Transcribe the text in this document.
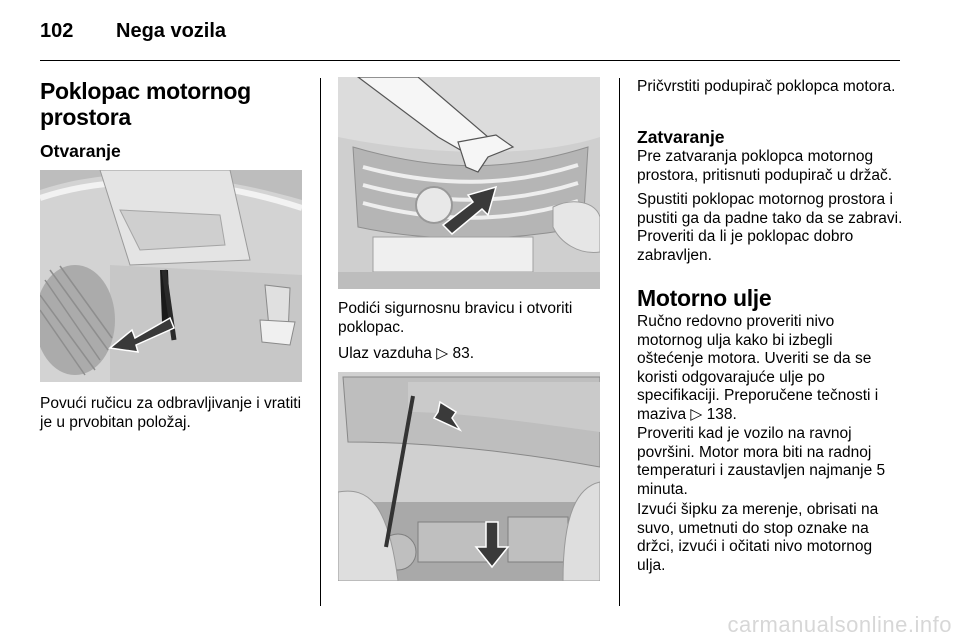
102 Nega vozila
Poklopac motornog prostora
Otvaranje

Povući ručicu za odbravljivanje i vratiti je u prvobitan položaj.

Podići sigurnosnu bravicu i otvoriti poklopac.

Ulaz vazduha ▷ 83.

Pričvrstiti podupirač poklopca motora.

Zatvaranje

Pre zatvaranja poklopca motornog prostora, pritisnuti podupirač u držač.

Spustiti poklopac motornog prostora i pustiti ga da padne tako da se zabravi. Proveriti da li je poklopac dobro zabravljen.

Motorno ulje

Ručno redovno proveriti nivo motornog ulja kako bi izbegli oštećenje motora. Uveriti se da se koristi odgovarajuće ulje po specifikaciji. Preporučene tečnosti i maziva ▷ 138.

Proveriti kad je vozilo na ravnoj površini. Motor mora biti na radnoj temperaturi i zaustavljen najmanje 5 minuta.

Izvući šipku za merenje, obrisati na suvo, umetnuti do stop oznake na držci, izvući i očitati nivo motornog ulja.

carmanualsonline.info
